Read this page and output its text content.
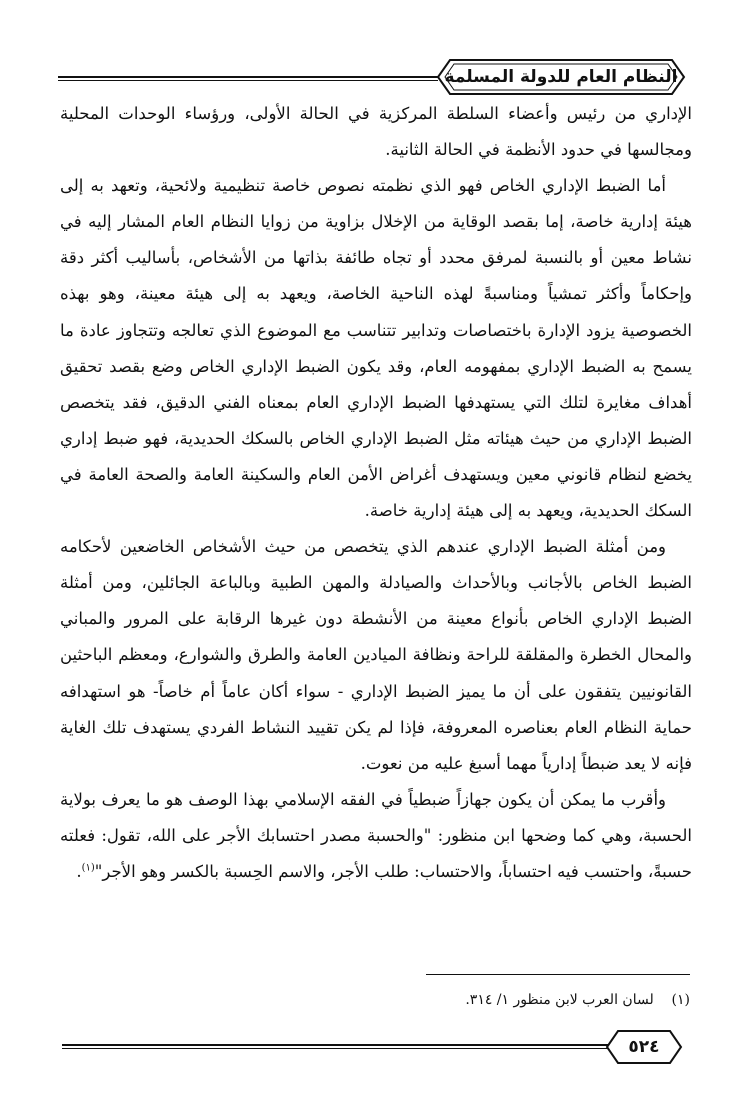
النظام العام للدولة المسلمة

الإداري من رئيس وأعضاء السلطة المركزية في الحالة الأولى، ورؤساء الوحدات المحلية ومجالسها في حدود الأنظمة في الحالة الثانية.

أما الضبط الإداري الخاص فهو الذي نظمته نصوص خاصة تنظيمية ولائحية، وتعهد به إلى هيئة إدارية خاصة، إما بقصد الوقاية من الإخلال بزاوية من زوايا النظام العام المشار إليه في نشاط معين أو بالنسبة لمرفق محدد أو تجاه طائفة بذاتها من الأشخاص، بأساليب أكثر دقة وإحكاماً وأكثر تمشياً ومناسبةً لهذه الناحية الخاصة، ويعهد به إلى هيئة معينة، وهو بهذه الخصوصية يزود الإدارة باختصاصات وتدابير تتناسب مع الموضوع الذي تعالجه وتتجاوز عادة ما يسمح به الضبط الإداري بمفهومه العام، وقد يكون الضبط الإداري الخاص وضع بقصد تحقيق أهداف مغايرة لتلك التي يستهدفها الضبط الإداري العام بمعناه الفني الدقيق، فقد يتخصص الضبط الإداري من حيث هيئاته مثل الضبط الإداري الخاص بالسكك الحديدية، فهو ضبط إداري يخضع لنظام قانوني معين ويستهدف أغراض الأمن العام والسكينة العامة والصحة العامة في السكك الحديدية، ويعهد به إلى هيئة إدارية خاصة.

ومن أمثلة الضبط الإداري عندهم الذي يتخصص من حيث الأشخاص الخاضعين لأحكامه الضبط الخاص بالأجانب وبالأحداث والصيادلة والمهن الطبية وبالباعة الجائلين، ومن أمثلة الضبط الإداري الخاص بأنواع معينة من الأنشطة دون غيرها الرقابة على المرور والمباني والمحال الخطرة والمقلقة للراحة ونظافة الميادين العامة والطرق والشوارع، ومعظم الباحثين القانونيين يتفقون على أن ما يميز الضبط الإداري - سواء أكان عاماً أم خاصاً- هو استهدافه حماية النظام العام بعناصره المعروفة، فإذا لم يكن تقييد النشاط الفردي يستهدف تلك الغاية فإنه لا يعد ضبطاً إدارياً مهما أسبغ عليه من نعوت.

وأقرب ما يمكن أن يكون جهازاً ضبطياً في الفقه الإسلامي بهذا الوصف هو ما يعرف بولاية الحسبة، وهي كما وضحها ابن منظور: "والحسبة مصدر احتسابك الأجر على الله، تقول: فعلته حسبةً، واحتسب فيه احتساباً، والاحتساب: طلب الأجر، والاسم الحِسبة بالكسر وهو الأجر"$^{(١)}$.

(١)    لسان العرب لابن منظور ١/ ٣١٤.
٥٢٤
